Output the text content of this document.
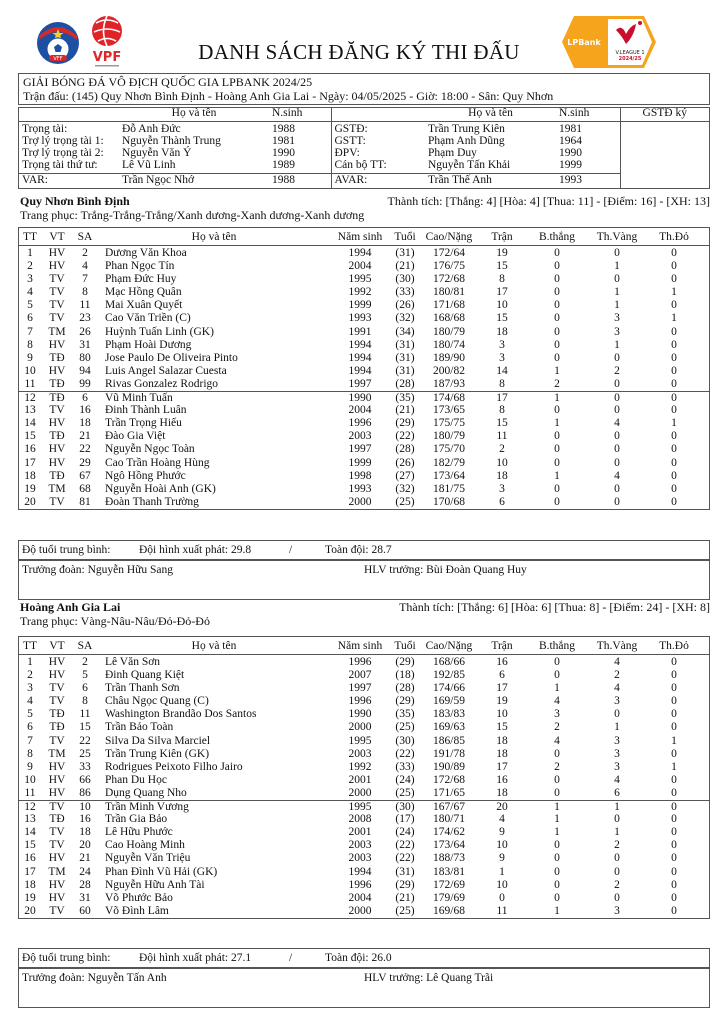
VFF VPF
LPBank
V.LEAGUE 1
2024/25
DANH SÁCH ĐĂNG KÝ THI ĐẤU
GIẢI BÓNG ĐÁ VÔ ĐỊCH QUỐC GIA LPBANK 2024/25
Trận đấu: (145) Quy Nhơn Bình Định - Hoàng Anh Gia Lai - Ngày: 04/05/2025 - Giờ: 18:00 - Sân: Quy Nhơn
	Họ và tên	N.sinh		Họ và tên	N.sinh	GSTĐ ký
Trọng tài:	Đỗ Anh Đức	1988	GSTĐ:	Trần Trung Kiên	1981	
Trợ lý trọng tài 1:	Nguyễn Thành Trung	1981	GSTT:	Phạm Anh Dũng	1964	
Trợ lý trọng tài 2:	Nguyễn Văn Ý	1990	ĐPV:	Phạm Duy	1990	
Trọng tài thứ tư:	Lê Vũ Linh	1989	Cán bộ TT:	Nguyễn Tấn Khải	1999	
VAR:	Trần Ngọc Nhớ	1988	AVAR:	Trần Thế Anh	1993	
Quy Nhơn Bình Định	Thành tích: [Thắng: 4] [Hòa: 4] [Thua: 11] - [Điểm: 16] - [XH: 13]
Trang phục: Trắng-Trắng-Trắng/Xanh dương-Xanh dương-Xanh dương
TT	VT	SA	Họ và tên	Năm sinh	Tuổi Cao/Nặng	Trận	B.thắng	Th.Vàng	Th.Đỏ
1	HV	2	Dương Văn Khoa	1994	(31)	172/64	19	0	0	0
2	HV	4	Phan Ngọc Tín	2004	(21)	176/75	15	0	1	0
3	TV	7	Phạm Đức Huy	1995	(30)	172/68	8	0	0	0
4	TV	8	Mạc Hồng Quân	1992	(33)	180/81	17	0	1	1
5	TV	11	Mai Xuân Quyết	1999	(26)	171/68	10	0	1	0
6	TV	23	Cao Văn Triền (C)	1993	(32)	168/68	15	0	3	1
7	TM	26	Huỳnh Tuấn Linh (GK)	1991	(34)	180/79	18	0	3	0
8	HV	31	Phạm Hoài Dương	1994	(31)	180/74	3	0	1	0
9	TĐ	80	Jose Paulo De Oliveira Pinto	1994	(31)	189/90	3	0	0	0
10	HV	94	Luis Angel Salazar Cuesta	1994	(31)	200/82	14	1	2	0
11	TĐ	99	Rivas Gonzalez Rodrigo	1997	(28)	187/93	8	2	0	0
12	TĐ	6	Vũ Minh Tuấn	1990	(35)	174/68	17	1	0	0
13	TV	16	Đinh Thành Luân	2004	(21)	173/65	8	0	0	0
14	HV	18	Trần Trọng Hiếu	1996	(29)	175/75	15	1	4	1
15	TĐ	21	Đào Gia Việt	2003	(22)	180/79	11	0	0	0
16	HV	22	Nguyễn Ngọc Toàn	1997	(28)	175/70	2	0	0	0
17	HV	29	Cao Trần Hoàng Hùng	1999	(26)	182/79	10	0	0	0
18	TĐ	67	Ngô Hồng Phước	1998	(27)	173/64	18	1	4	0
19	TM	68	Nguyễn Hoài Anh (GK)	1993	(32)	181/75	3	0	0	0
20	TV	81	Đoàn Thanh Trường	2000	(25)	170/68	6	0	0	0
Độ tuổi trung bình: Đội hình xuất phát: 29.8	/	Toàn đội: 28.7
Trưởng đoàn: Nguyễn Hữu Sang	HLV trưởng: Bùi Đoàn Quang Huy
Hoàng Anh Gia Lai	Thành tích: [Thắng: 6] [Hòa: 6] [Thua: 8] - [Điểm: 24] - [XH: 8]
Trang phục: Vàng-Nâu-Nâu/Đỏ-Đỏ-Đỏ
TT	VT	SA	Họ và tên	Năm sinh	Tuổi Cao/Nặng	Trận	B.thắng	Th.Vàng	Th.Đỏ
1	HV	2	Lê Văn Sơn	1996	(29)	168/66	16	0	4	0
2	HV	5	Đinh Quang Kiệt	2007	(18)	192/85	6	0	2	0
3	TV	6	Trần Thanh Sơn	1997	(28)	174/66	17	1	4	0
4	TV	8	Châu Ngọc Quang (C)	1996	(29)	169/59	19	4	3	0
5	TĐ	11	Washington Brandão Dos Santos	1990	(35)	183/83	10	3	0	0
6	TĐ	15	Trần Bảo Toàn	2000	(25)	169/63	15	2	1	0
7	TV	22	Silva Da Silva Marciel	1995	(30)	186/85	18	4	3	1
8	TM	25	Trần Trung Kiên (GK)	2003	(22)	191/78	18	0	3	0
9	HV	33	Rodrigues Peixoto Filho Jairo	1992	(33)	190/89	17	2	3	1
10	HV	66	Phan Du Học	2001	(24)	172/68	16	0	4	0
11	HV	86	Dụng Quang Nho	2000	(25)	171/65	18	0	6	0
12	TV	10	Trần Minh Vương	1995	(30)	167/67	20	1	1	0
13	TĐ	16	Trần Gia Bảo	2008	(17)	180/71	4	1	0	0
14	TV	18	Lê Hữu Phước	2001	(24)	174/62	9	1	1	0
15	TV	20	Cao Hoàng Minh	2003	(22)	173/64	10	0	2	0
16	HV	21	Nguyễn Văn Triệu	2003	(22)	188/73	9	0	0	0
17	TM	24	Phan Đình Vũ Hải (GK)	1994	(31)	183/81	1	0	0	0
18	HV	28	Nguyễn Hữu Anh Tài	1996	(29)	172/69	10	0	2	0
19	HV	31	Võ Phước Bảo	2004	(21)	179/69	0	0	0	0
20	TV	60	Võ Đình Lâm	2000	(25)	169/68	11	1	3	0
Độ tuổi trung bình: Đội hình xuất phát: 27.1	/	Toàn đội: 26.0
Trưởng đoàn: Nguyễn Tấn Anh	HLV trưởng: Lê Quang Trãi
